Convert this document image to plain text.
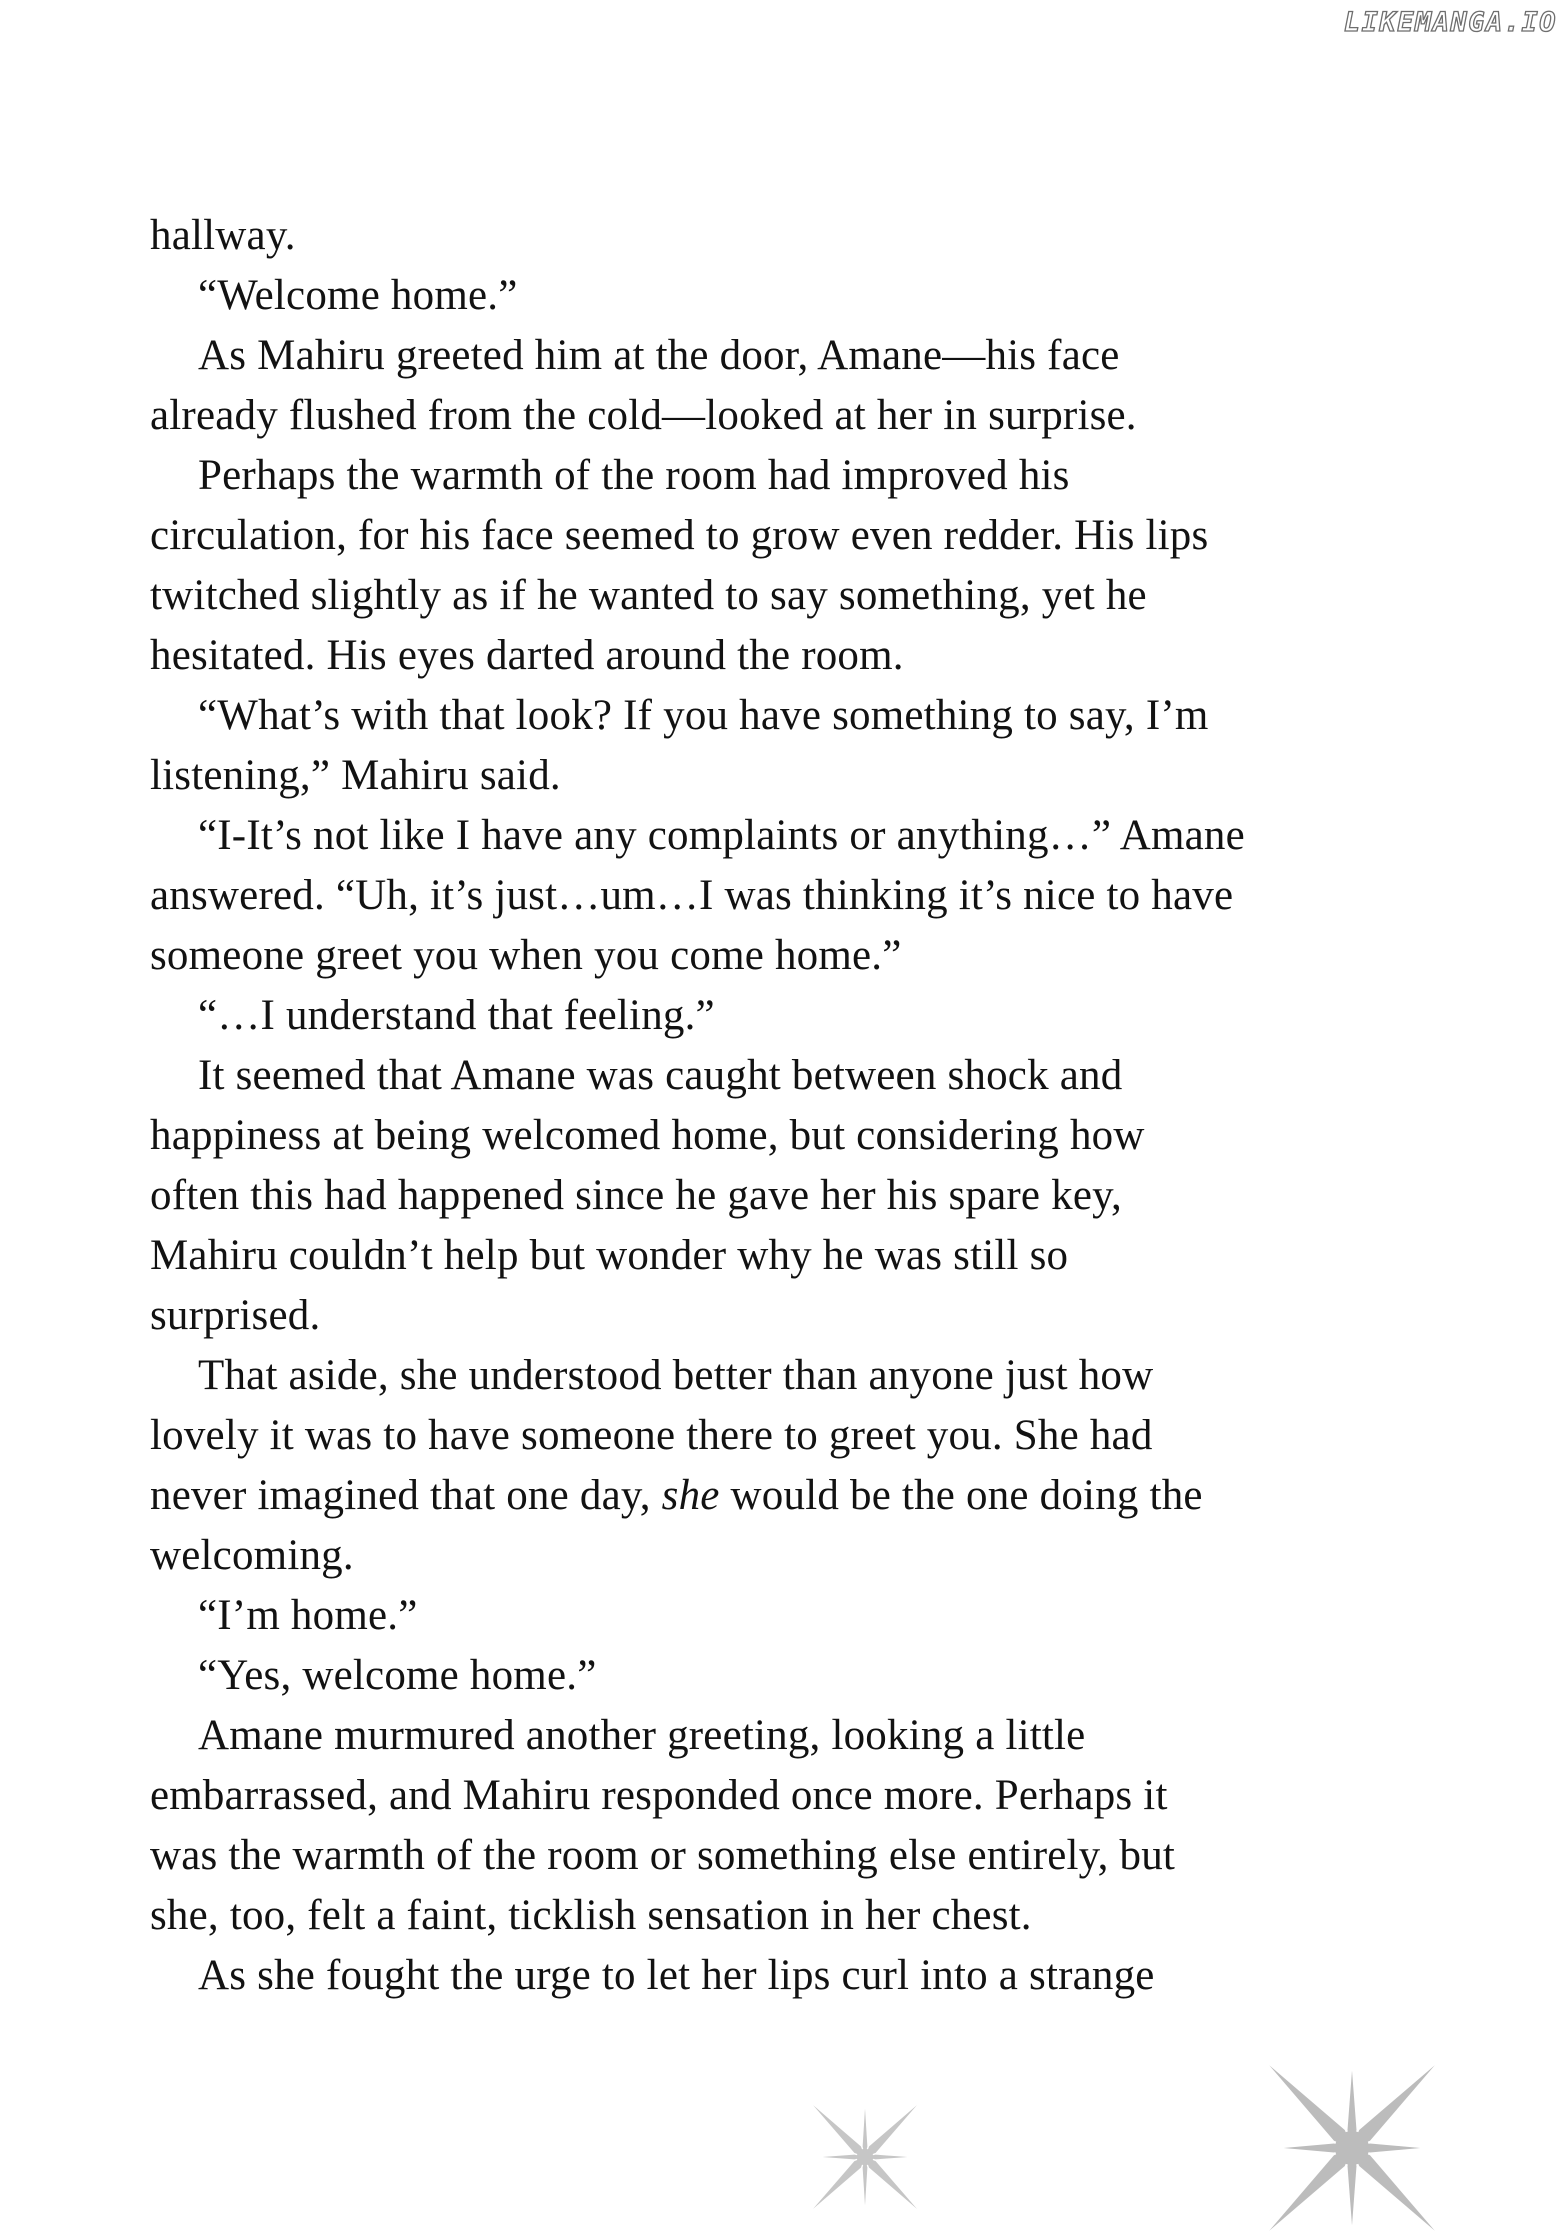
LIKEMANGA.IO
hallway.
“Welcome home.”
As Mahiru greeted him at the door, Amane—his face
already flushed from the cold—looked at her in surprise.
Perhaps the warmth of the room had improved his
circulation, for his face seemed to grow even redder. His lips
twitched slightly as if he wanted to say something, yet he
hesitated. His eyes darted around the room.
“What’s with that look? If you have something to say, I’m
listening,” Mahiru said.
“I-It’s not like I have any complaints or anything…” Amane
answered. “Uh, it’s just…um…I was thinking it’s nice to have
someone greet you when you come home.”
“…I understand that feeling.”
It seemed that Amane was caught between shock and
happiness at being welcomed home, but considering how
often this had happened since he gave her his spare key,
Mahiru couldn’t help but wonder why he was still so
surprised.
That aside, she understood better than anyone just how
lovely it was to have someone there to greet you. She had
never imagined that one day, she would be the one doing the
welcoming.
“I’m home.”
“Yes, welcome home.”
Amane murmured another greeting, looking a little
embarrassed, and Mahiru responded once more. Perhaps it
was the warmth of the room or something else entirely, but
she, too, felt a faint, ticklish sensation in her chest.
As she fought the urge to let her lips curl into a strange
